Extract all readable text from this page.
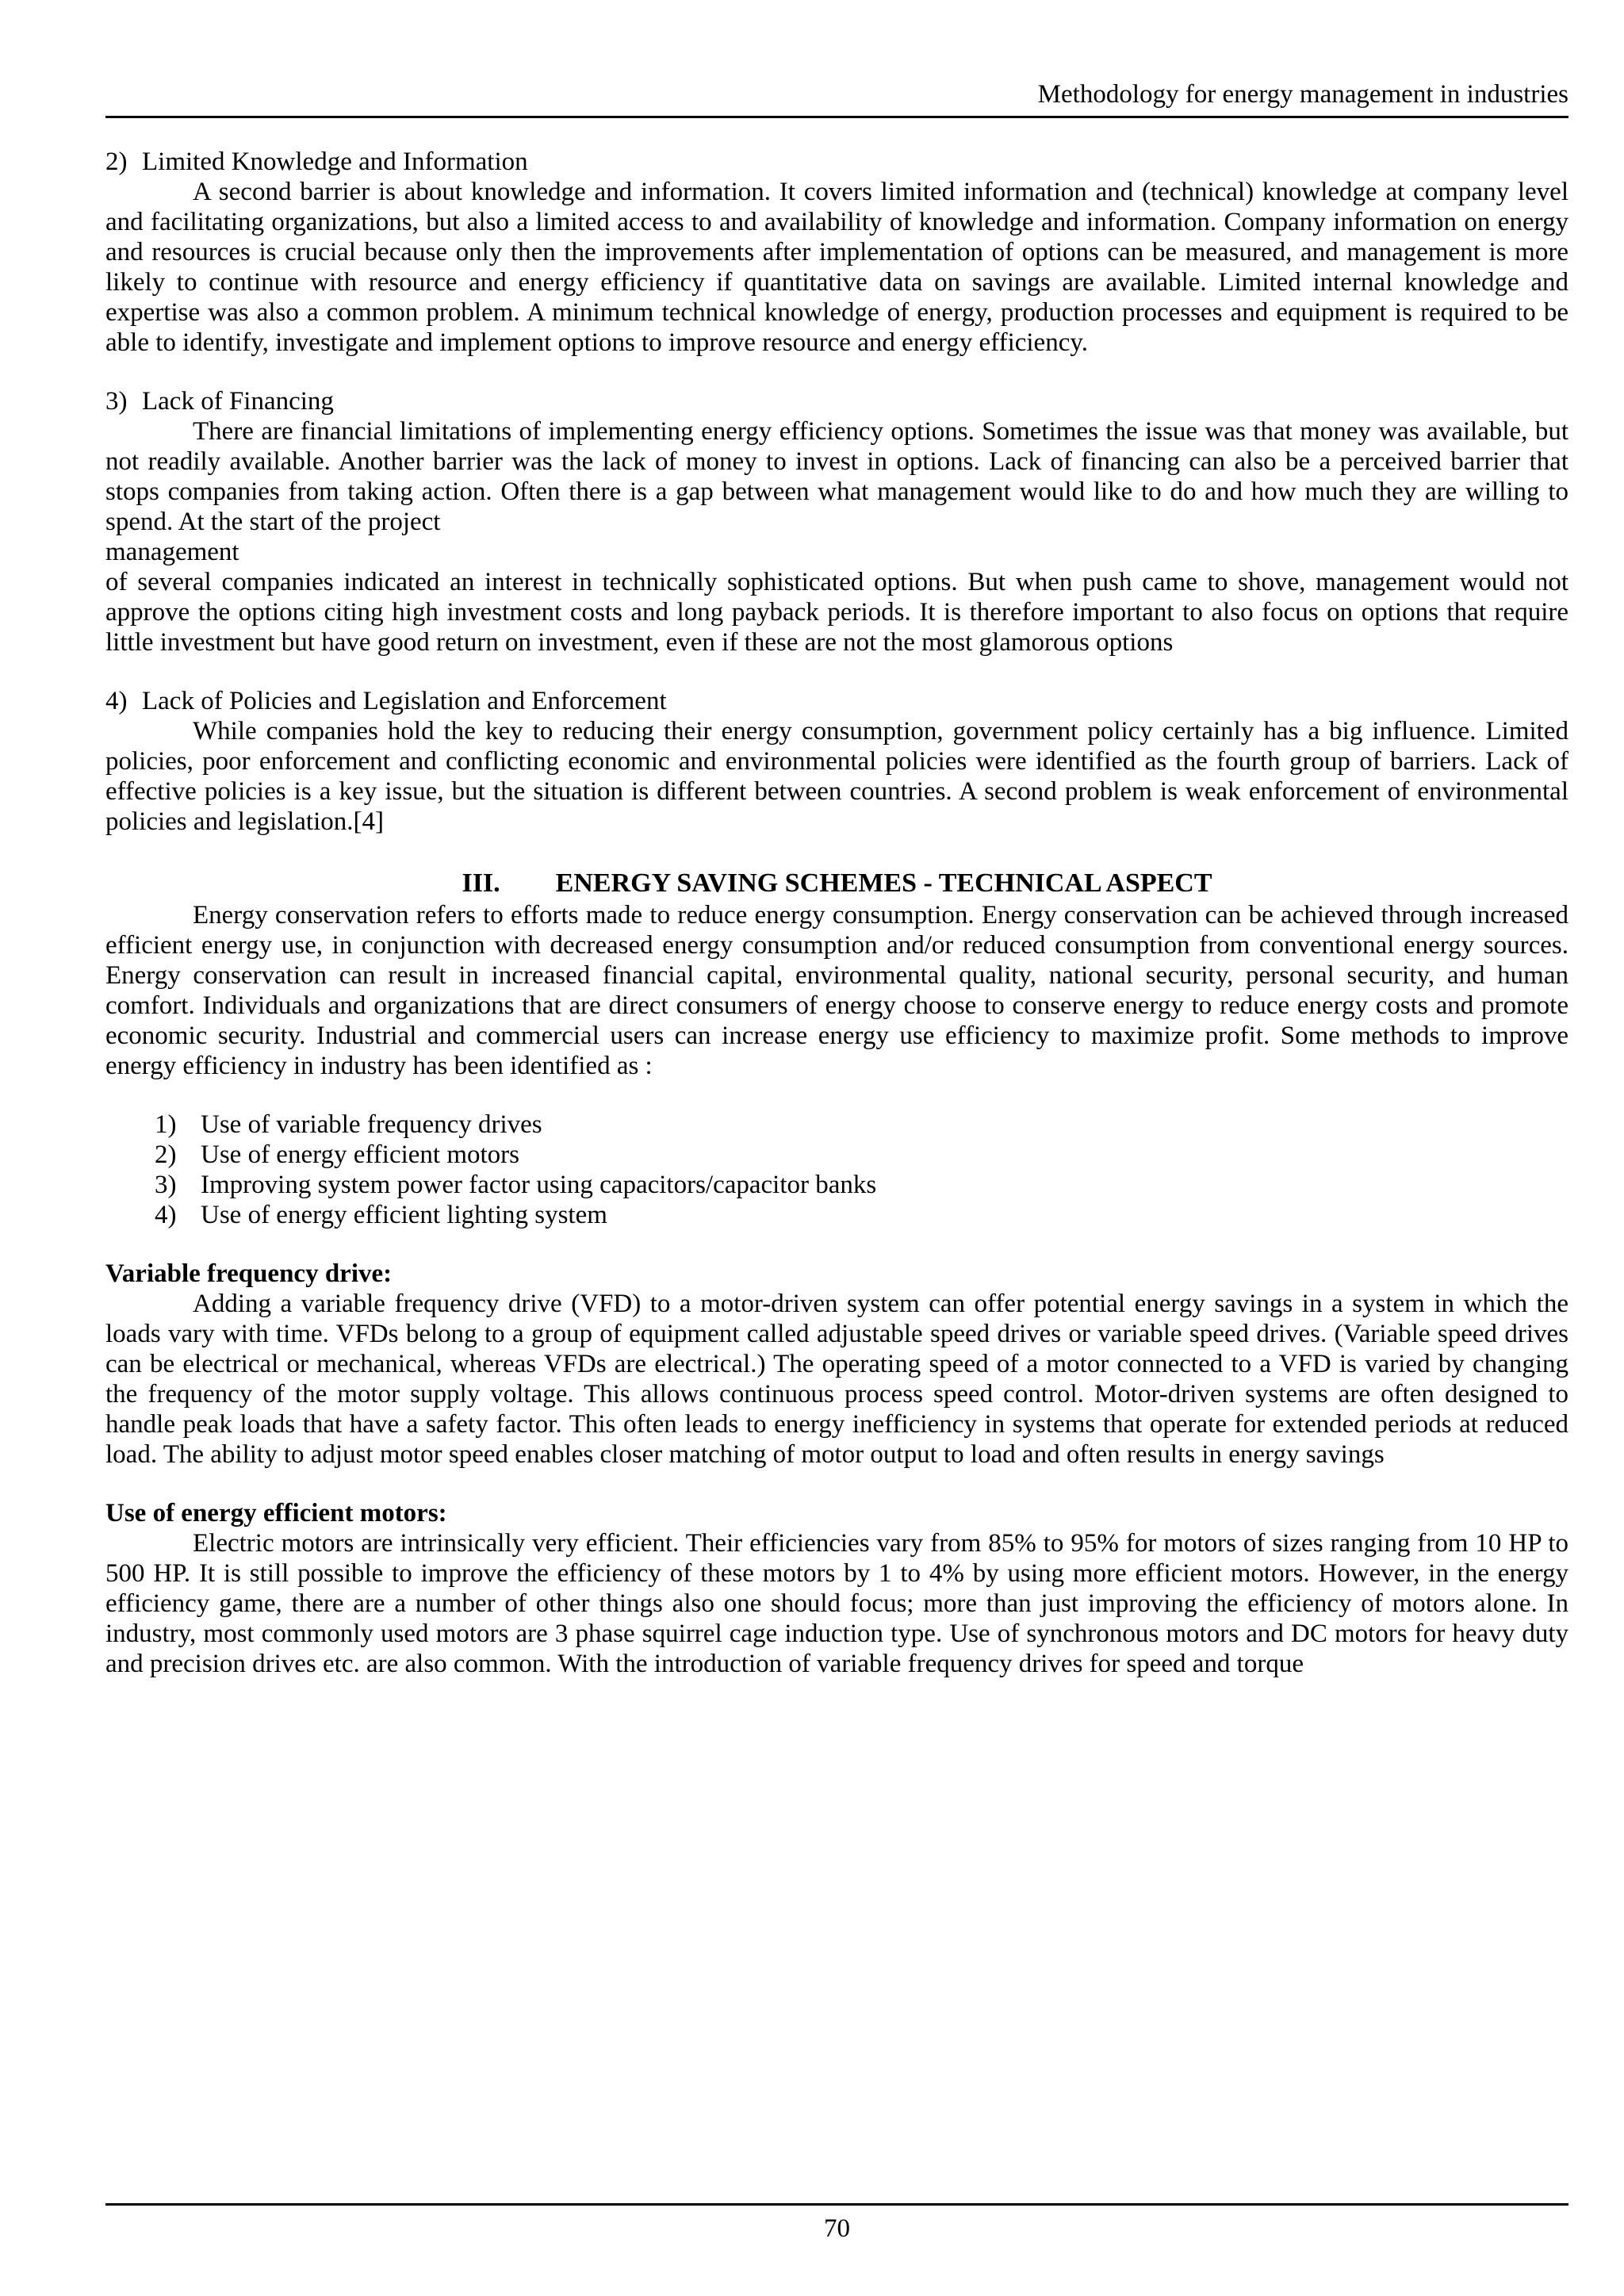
Methodology for energy management in industries
2) Limited Knowledge and Information

A second barrier is about knowledge and information. It covers limited information and (technical) knowledge at company level and facilitating organizations, but also a limited access to and availability of knowledge and information. Company information on energy and resources is crucial because only then the improvements after implementation of options can be measured, and management is more likely to continue with resource and energy efficiency if quantitative data on savings are available. Limited internal knowledge and expertise was also a common problem. A minimum technical knowledge of energy, production processes and equipment is required to be able to identify, investigate and implement options to improve resource and energy efficiency.

3) Lack of Financing

There are financial limitations of implementing energy efficiency options. Sometimes the issue was that money was available, but not readily available. Another barrier was the lack of money to invest in options. Lack of financing can also be a perceived barrier that stops companies from taking action. Often there is a gap between what management would like to do and how much they are willing to spend. At the start of the project

management

of several companies indicated an interest in technically sophisticated options. But when push came to shove, management would not approve the options citing high investment costs and long payback periods. It is therefore important to also focus on options that require little investment but have good return on investment, even if these are not the most glamorous options

4) Lack of Policies and Legislation and Enforcement

While companies hold the key to reducing their energy consumption, government policy certainly has a big influence. Limited policies, poor enforcement and conflicting economic and environmental policies were identified as the fourth group of barriers. Lack of effective policies is a key issue, but the situation is different between countries. A second problem is weak enforcement of environmental policies and legislation.[4]

III. ENERGY SAVING SCHEMES - TECHNICAL ASPECT

Energy conservation refers to efforts made to reduce energy consumption. Energy conservation can be achieved through increased efficient energy use, in conjunction with decreased energy consumption and/or reduced consumption from conventional energy sources. Energy conservation can result in increased financial capital, environmental quality, national security, personal security, and human comfort. Individuals and organizations that are direct consumers of energy choose to conserve energy to reduce energy costs and promote economic security. Industrial and commercial users can increase energy use efficiency to maximize profit. Some methods to improve energy efficiency in industry has been identified as :

1) Use of variable frequency drives
2) Use of energy efficient motors
3) Improving system power factor using capacitors/capacitor banks
4) Use of energy efficient lighting system
Variable frequency drive:

Adding a variable frequency drive (VFD) to a motor-driven system can offer potential energy savings in a system in which the loads vary with time. VFDs belong to a group of equipment called adjustable speed drives or variable speed drives. (Variable speed drives can be electrical or mechanical, whereas VFDs are electrical.) The operating speed of a motor connected to a VFD is varied by changing the frequency of the motor supply voltage. This allows continuous process speed control. Motor-driven systems are often designed to handle peak loads that have a safety factor. This often leads to energy inefficiency in systems that operate for extended periods at reduced load. The ability to adjust motor speed enables closer matching of motor output to load and often results in energy savings

Use of energy efficient motors:

Electric motors are intrinsically very efficient. Their efficiencies vary from 85% to 95% for motors of sizes ranging from 10 HP to 500 HP. It is still possible to improve the efficiency of these motors by 1 to 4% by using more efficient motors. However, in the energy efficiency game, there are a number of other things also one should focus; more than just improving the efficiency of motors alone. In industry, most commonly used motors are 3 phase squirrel cage induction type. Use of synchronous motors and DC motors for heavy duty and precision drives etc. are also common. With the introduction of variable frequency drives for speed and torque

70
